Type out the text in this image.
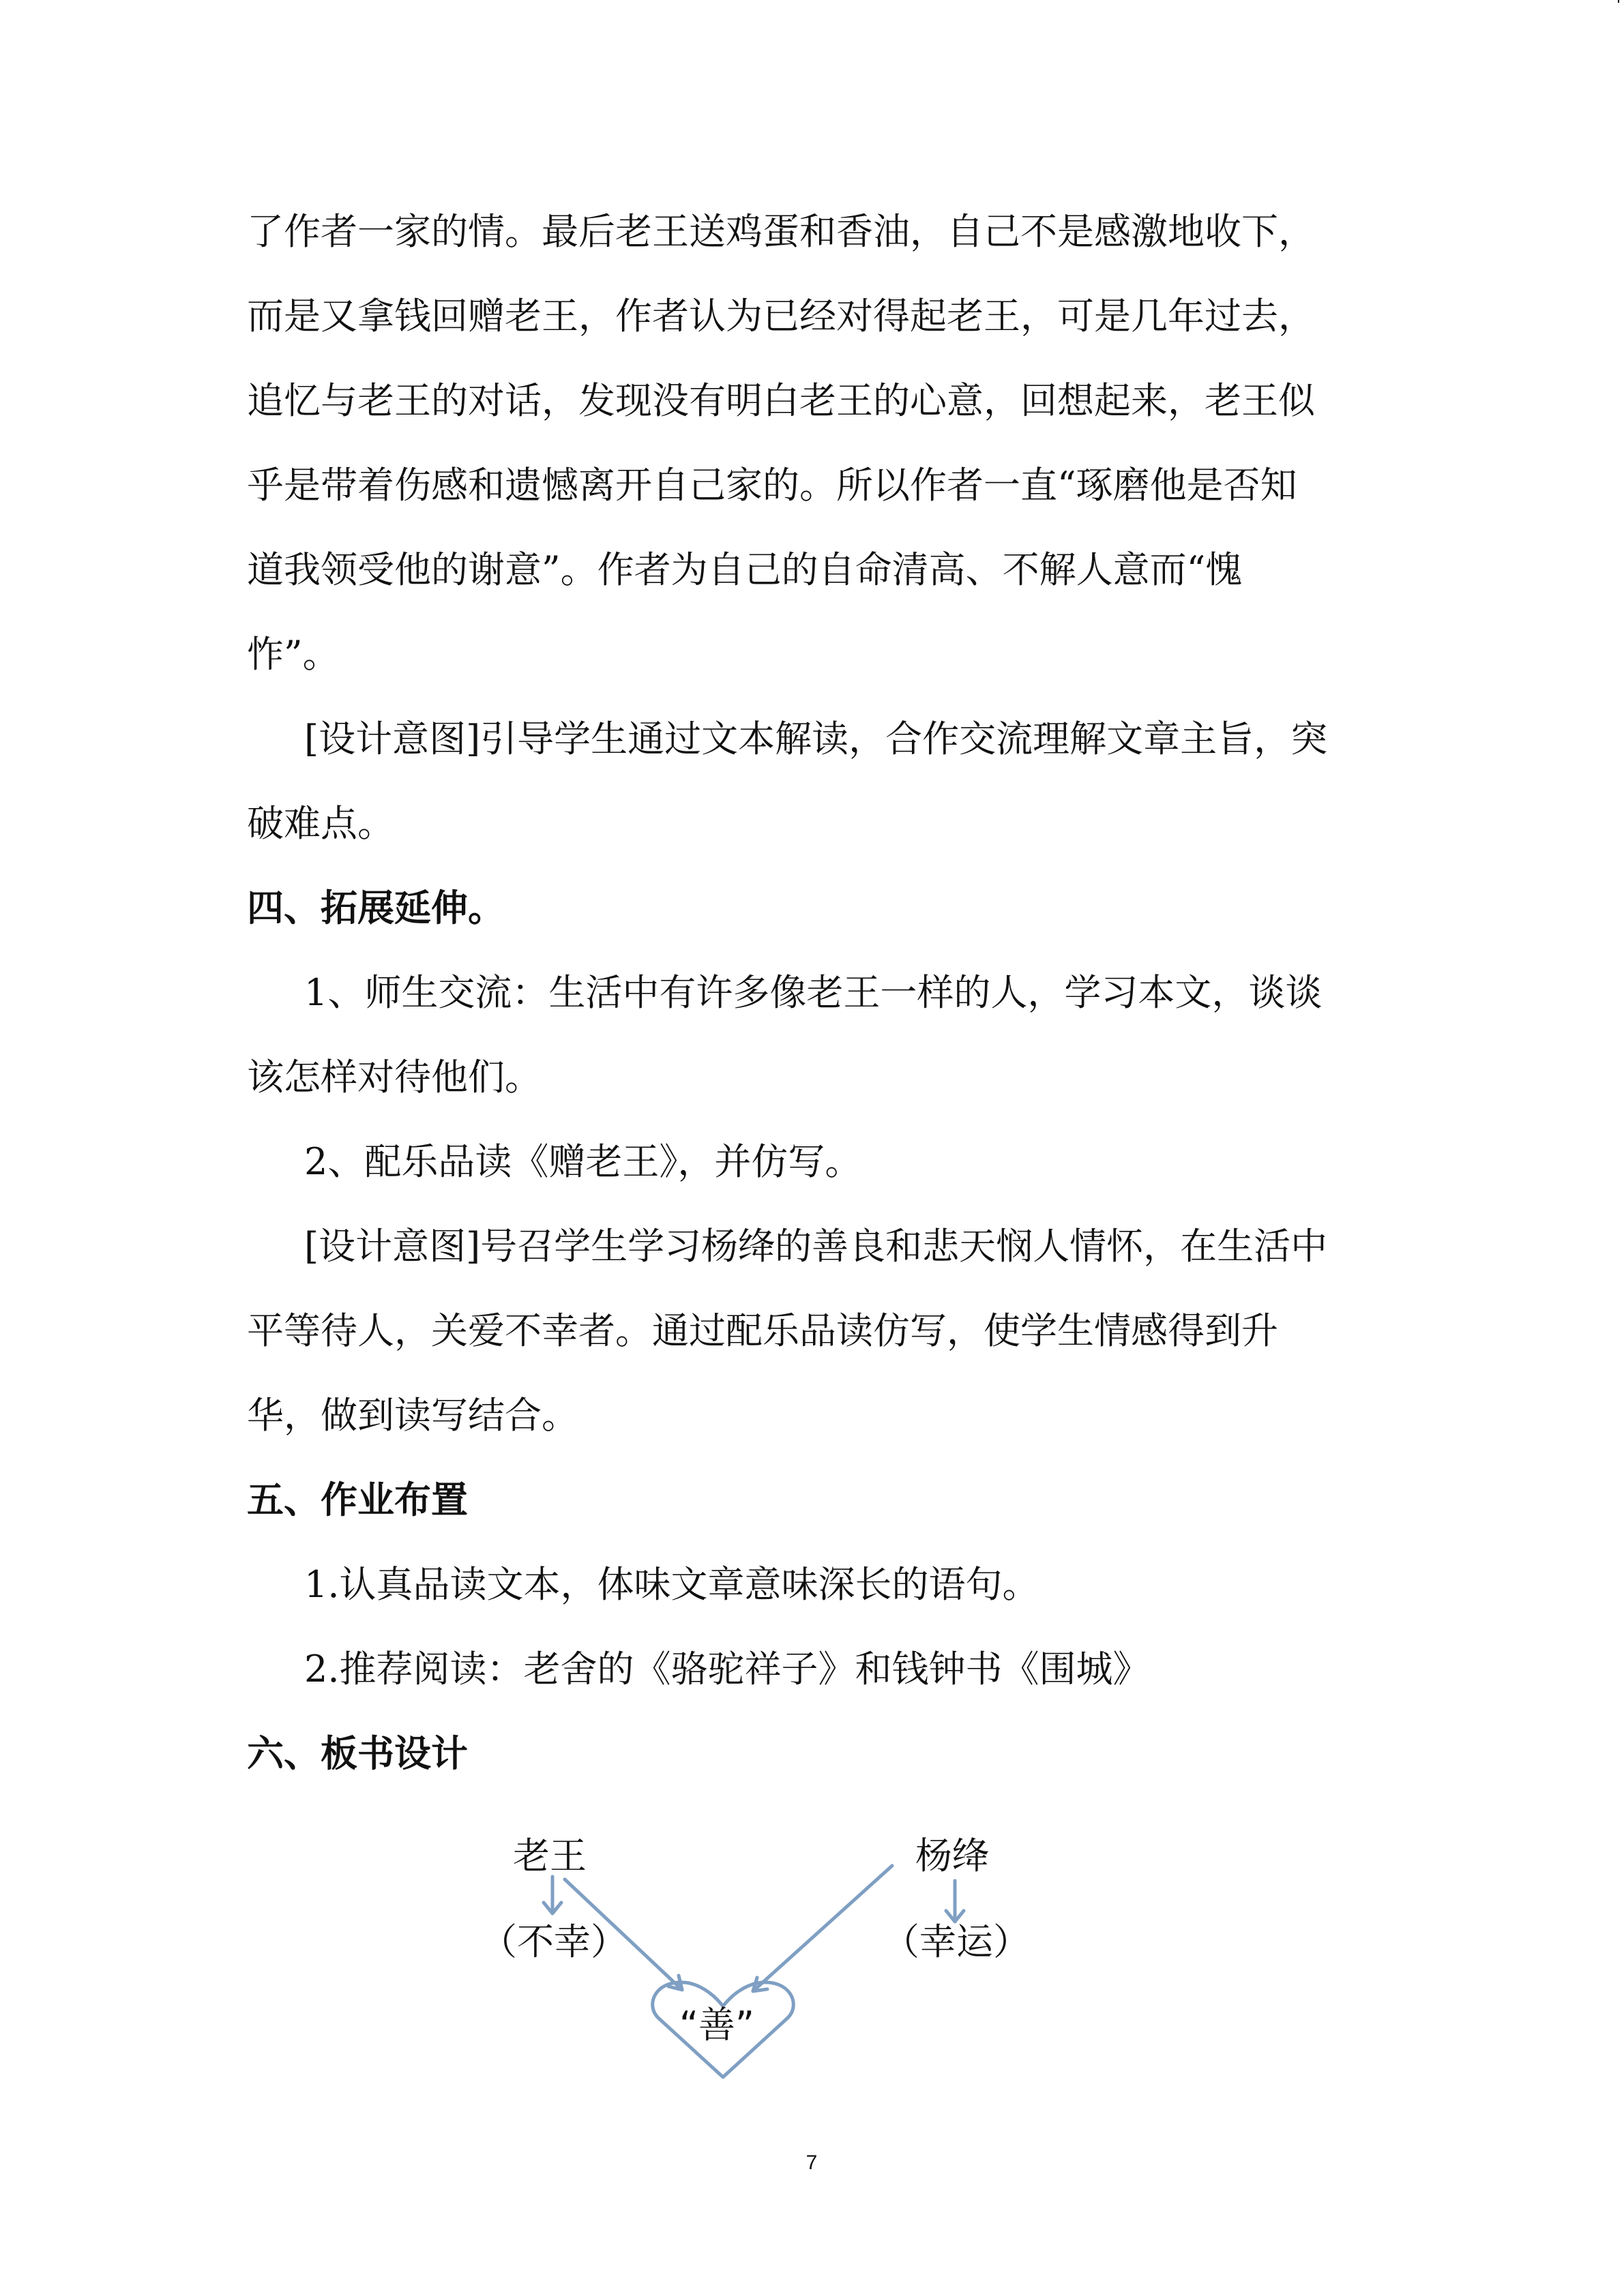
了作者一家的情。最后老王送鸡蛋和香油，自己不是感激地收下，
而是又拿钱回赠老王，作者认为已经对得起老王，可是几年过去，
追忆与老王的对话，发现没有明白老王的心意，回想起来，老王似
乎是带着伤感和遗憾离开自己家的。所以作者一直“琢磨他是否知
道我领受他的谢意”。作者为自己的自命清高、不解人意而“愧
怍”。
[设计意图]引导学生通过文本解读，合作交流理解文章主旨，突
破难点。
四、拓展延伸。
1、师生交流：生活中有许多像老王一样的人，学习本文，谈谈
该怎样对待他们。
2、配乐品读《赠老王》，并仿写。
[设计意图]号召学生学习杨绛的善良和悲天悯人情怀，在生活中
平等待人，关爱不幸者。通过配乐品读仿写，使学生情感得到升
华，做到读写结合。
五、作业布置
1.认真品读文本，体味文章意味深长的语句。
2.推荐阅读：老舍的《骆驼祥子》和钱钟书《围城》
六、板书设计
老王
（不幸）
杨绛
（幸运）
“善”
7
